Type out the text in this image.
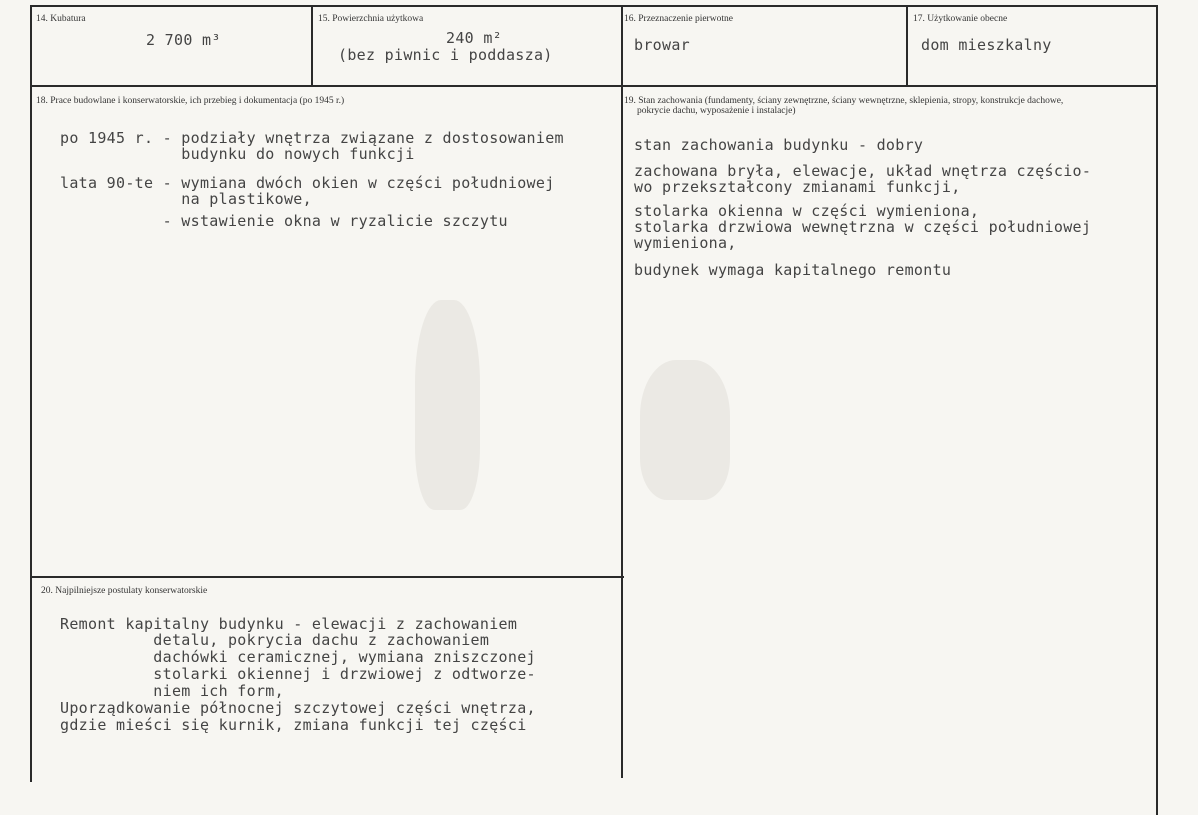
14. Kubatura
2 700 m³
15. Powierzchnia użytkowa
240 m²
(bez piwnic i poddasza)
16. Przeznaczenie pierwotne
browar
17. Użytkowanie obecne
dom mieszkalny
18. Prace budowlane i konserwatorskie, ich przebieg i dokumentacja (po 1945 r.)
po 1945 r. - podziały wnętrza związane z dostosowaniem
budynku do nowych funkcji
lata 90-te - wymiana dwóch okien w części południowej
na plastikowe,
- wstawienie okna w ryzalicie szczytu
19. Stan zachowania (fundamenty, ściany zewnętrzne, ściany wewnętrzne, sklepienia, stropy, konstrukcje dachowe,
pokrycie dachu, wyposażenie i instalacje)
stan zachowania budynku - dobry
zachowana bryła, elewacje, układ wnętrza częścio-
wo przekształcony zmianami funkcji,
stolarka okienna w części wymieniona,
stolarka drzwiowa wewnętrzna w części południowej
wymieniona,
budynek wymaga kapitalnego remontu
20. Najpilniejsze postulaty konserwatorskie
Remont kapitalny budynku - elewacji z zachowaniem
detalu, pokrycia dachu z zachowaniem
dachówki ceramicznej, wymiana zniszczonej
stolarki okiennej i drzwiowej z odtworze-
niem ich form,
Uporządkowanie północnej szczytowej części wnętrza,
gdzie mieści się kurnik, zmiana funkcji tej części
